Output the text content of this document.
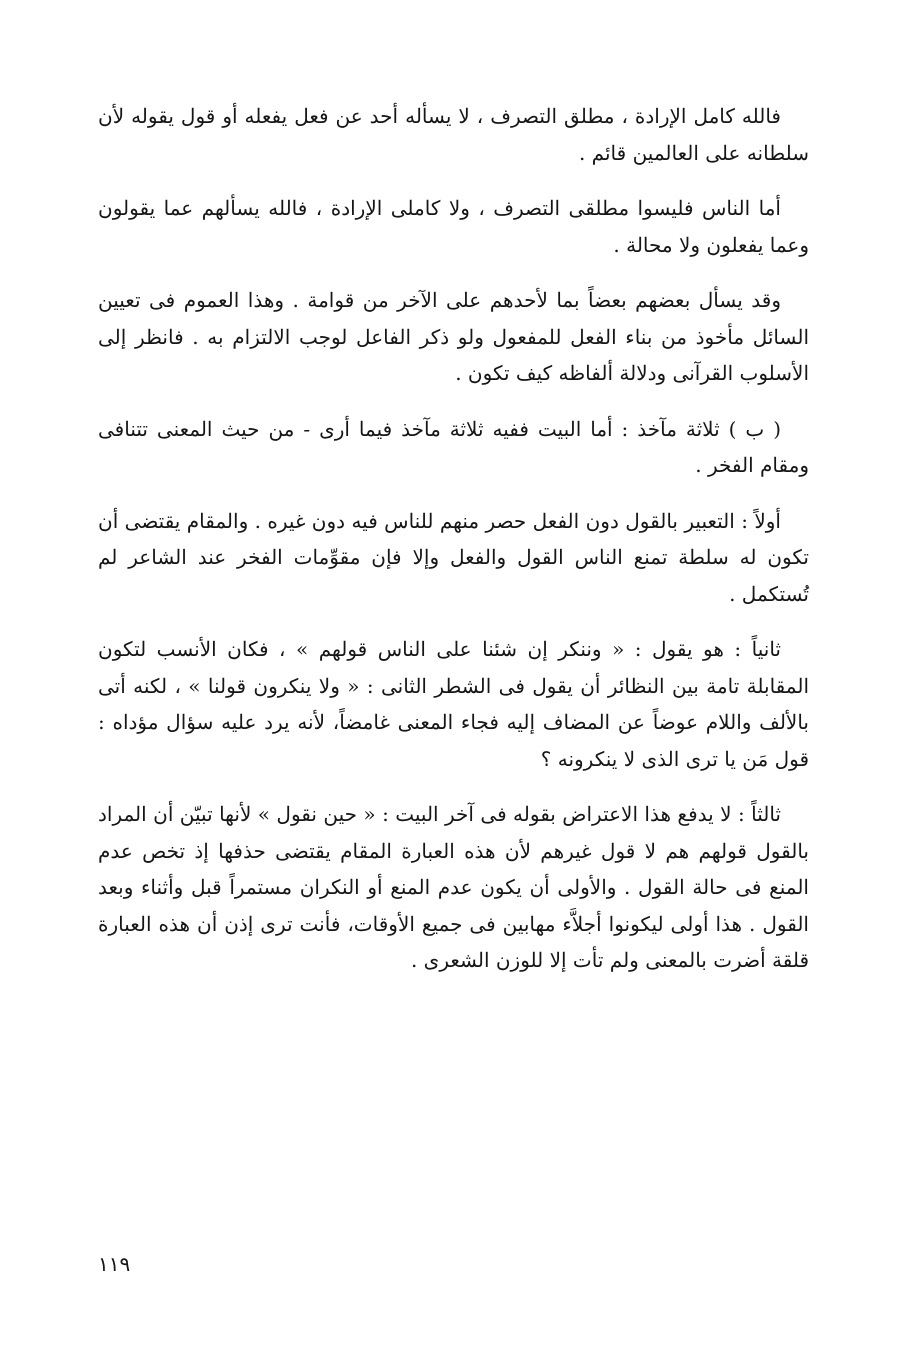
فالله كامل الإرادة ، مطلق التصرف ، لا يسأله أحد عن فعل يفعله أو قول يقوله لأن سلطانه على العالمين قائم .

أما الناس فليسوا مطلقى التصرف ، ولا كاملى الإرادة ، فالله يسألهم عما يقولون وعما يفعلون ولا محالة .

وقد يسأل بعضهم بعضاً بما لأحدهم على الآخر من قوامة . وهذا العموم فى تعيين السائل مأخوذ من بناء الفعل للمفعول ولو ذكر الفاعل لوجب الالتزام به . فانظر إلى الأسلوب القرآنى ودلالة ألفاظه كيف تكون .

( ب ) ثلاثة مآخذ : أما البيت ففيه ثلاثة مآخذ فيما أرى - من حيث المعنى تتنافى ومقام الفخر .

أولاً : التعبير بالقول دون الفعل حصر منهم للناس فيه دون غيره . والمقام يقتضى أن تكون له سلطة تمنع الناس القول والفعل وإلا فإن مقوِّمات الفخر عند الشاعر لم تُستكمل .

ثانياً : هو يقول : « وننكر إن شئنا على الناس قولهم » ، فكان الأنسب لتكون المقابلة تامة بين النظائر أن يقول فى الشطر الثانى : « ولا ينكرون قولنا » ، لكنه أتى بالألف واللام عوضاً عن المضاف إليه فجاء المعنى غامضاً، لأنه يرد عليه سؤال مؤداه : قول مَن يا ترى الذى لا ينكرونه ؟

ثالثاً : لا يدفع هذا الاعتراض بقوله فى آخر البيت : « حين نقول » لأنها تبيّن أن المراد بالقول قولهم هم لا قول غيرهم لأن هذه العبارة المقام يقتضى حذفها إذ تخص عدم المنع فى حالة القول . والأولى أن يكون عدم المنع أو النكران مستمراً قبل وأثناء وبعد القول . هذا أولى ليكونوا أجلاَّء مهابين فى جميع الأوقات، فأنت ترى إذن أن هذه العبارة قلقة أضرت بالمعنى ولم تأت إلا للوزن الشعرى .

١١٩
